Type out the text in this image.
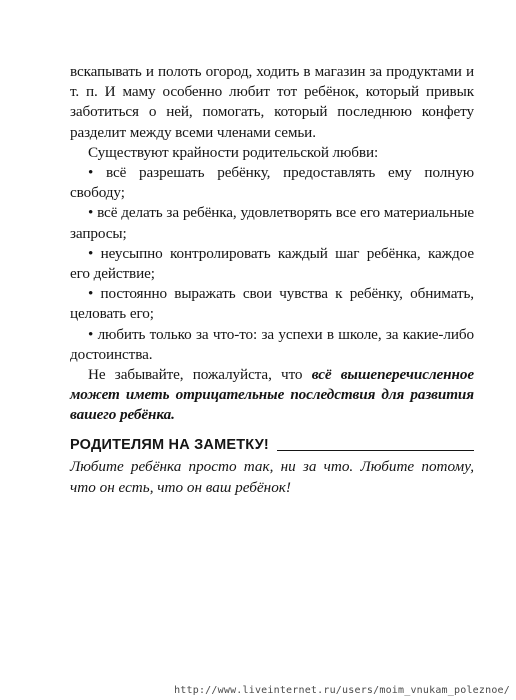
вскапывать и полоть огород, ходить в магазин за продуктами и т. п. И маму особенно любит тот ребёнок, который привык заботиться о ней, помогать, который последнюю конфету разделит между всеми членами семьи.

Существуют крайности родительской любви:

• всё разрешать ребёнку, предоставлять ему полную свободу;

• всё делать за ребёнка, удовлетворять все его материальные запросы;

• неусыпно контролировать каждый шаг ребёнка, каждое его действие;

• постоянно выражать свои чувства к ребёнку, обнимать, целовать его;

• любить только за что-то: за успехи в школе, за какие-либо достоинства.

Не забывайте, пожалуйста, что всё вышеперечисленное может иметь отрицательные последствия для развития вашего ребёнка.

РОДИТЕЛЯМ НА ЗАМЕТКУ!

Любите ребёнка просто так, ни за что. Любите потому, что он есть, что он ваш ребёнок!

http://www.liveinternet.ru/users/moim_vnukam_poleznoe/
